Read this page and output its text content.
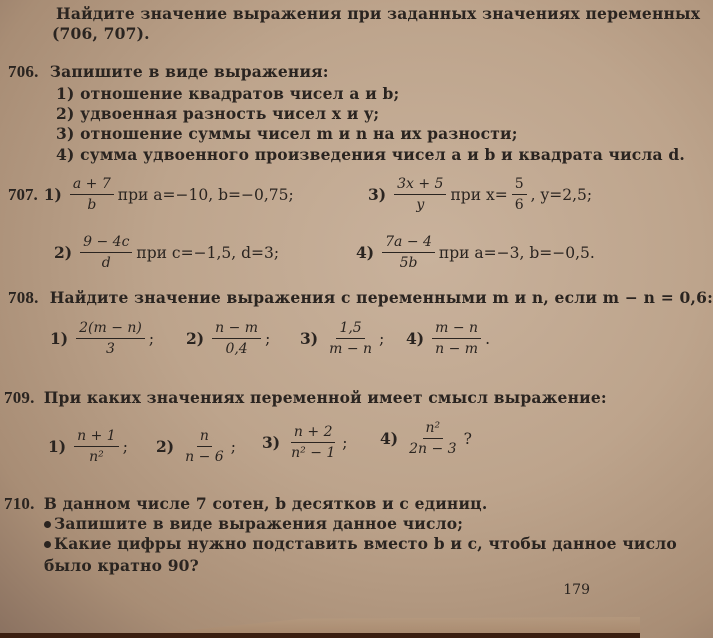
Найдите значение выражения при заданных значениях переменных
(706, 707).
706. Запишите в виде выражения:
1) отношение квадратов чисел a и b;
2) удвоенная разность чисел x и y;
3) отношение суммы чисел m и n на их разности;
4) сумма удвоенного произведения чисел a и b и квадрата числа d.
707. $1) \frac{a + 7}{b}$ при a=−10, b=−0,75;	$3) \frac{3x + 5}{y}$ при $x= \frac{5}{6}$ , y=2,5;
$2) \frac{9 - 4c}{d}$ при c=−1,5, d=3;	$4) \frac{7a - 4}{5b}$ при a=−3, b=−0,5.
708. Найдите значение выражения с переменными m и n, если m − n = 0,6:
$1) \frac{2(m - n)}{3}$ ; $2) \frac{n - m}{0,4}$ ; $3) \frac{1,5}{m - n}$ ; $4) \frac{m - n}{n - m}$ .
709. При каких значениях переменной имеет смысл выражение:
$1) \frac{n + 1}{\text{n²}}$ ; $2) \frac{n}{n - 6}$ ; $3) \frac{n + 2}{\text{n² − 1}}$ ; $4) \frac{\text{n²}}{2n - 3}$ ?
710. В данном числе 7 сотен, b десятков и c единиц.
Запишите в виде выражения данное число;
Какие цифры нужно подставить вместо b и c, чтобы данное число
было кратно 90?
179
